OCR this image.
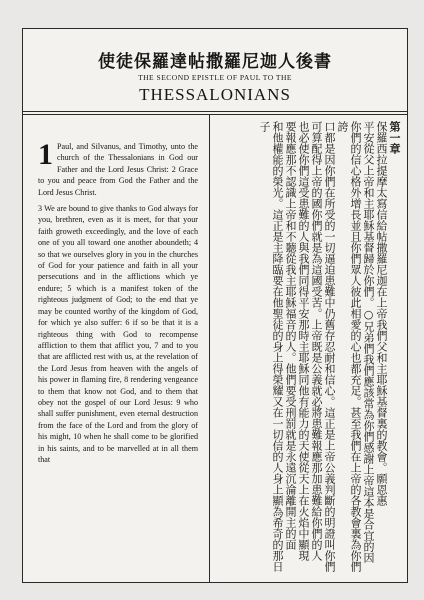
使徒保羅達帖撒羅尼迦人後書
THE SECOND EPISTLE OF PAUL TO THE
THESSALONIANS
1 Paul, and Silvanus, and Timothy, unto the church of the Thessalonians in God our Father and the Lord Jesus Christ: 2 Grace to you and peace from God the Father and the Lord Jesus Christ.

3 We are bound to give thanks to God always for you, brethren, even as it is meet, for that your faith groweth exceedingly, and the love of each one of you all toward one another aboundeth; 4 so that we ourselves glory in you in the churches of God for your patience and faith in all your persecutions and in the afflictions which ye endure; 5 which is a manifest token of the righteous judgment of God; to the end that ye may be counted worthy of the kingdom of God, for which ye also suffer: 6 if so be that it is a righteous thing with God to recompense affliction to them that afflict you, 7 and to you that are afflicted rest with us, at the revelation of the Lord Jesus from heaven with the angels of his power in flaming fire, 8 rendering vengeance to them that know not God, and to them that obey not the gospel of our Lord Jesus: 9 who shall suffer punishment, even eternal destruction from the face of the Lord and from the glory of his might, 10 when he shall come to be glorified in his saints, and to be marvelled at in all them that

第一章
保羅西拉提摩太寫信給帖撒羅尼迦在上帝我們父和主耶穌基督裏的教會。願恩惠
平安從父上帝和主耶穌基督歸於你們。○兄弟們我們應該常為你們感謝上帝這本是合宜的因
你們的信心格外增長並且你們眾人彼此相愛的心也都充足。甚至我們在上帝的各教會裏為你們誇
口都是因你們在所受的一切逼迫患難中仍舊存忍耐和信心。這正是上帝公義判斷的明證叫你們
可算配得上帝的國你們就是為這國受苦。上帝既是公義就必將患難報應那加患難給你們的人
也必使你們這受患難的人與我們同得平安那時主耶穌同他有能力的天使從天上在火焰中顯現
要報應那不認識上帝和不聽從我主耶穌福音的人。他們要受刑罰就是永遠沉淪離開主的面
和他權能的榮光。這正是主降臨要在他聖徒的身上得榮耀又在一切信的人身上顯為希奇的那日子
